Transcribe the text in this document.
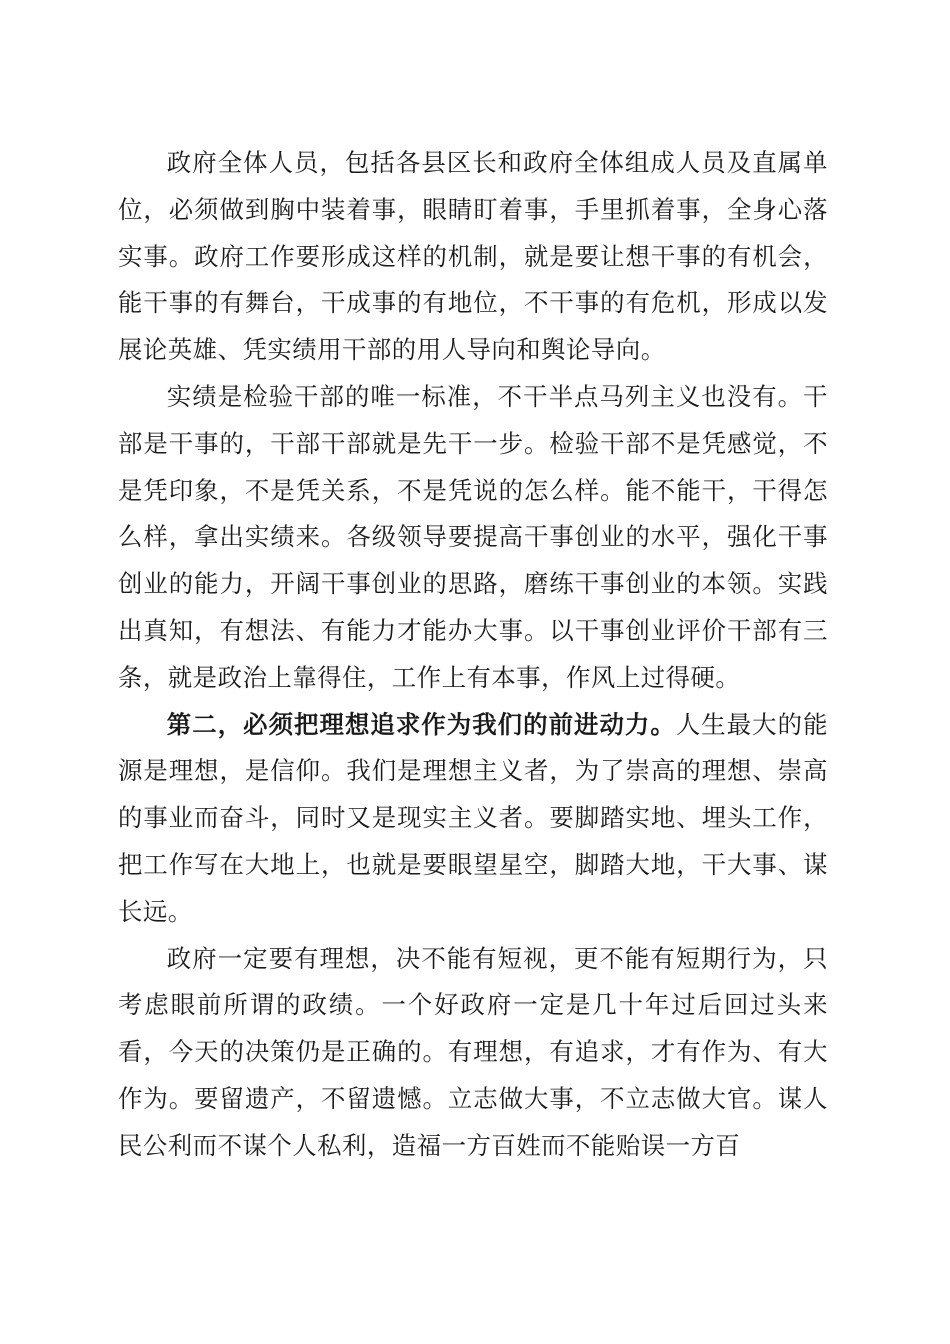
政府全体人员，包括各县区长和政府全体组成人员及直属单位，必须做到胸中装着事，眼睛盯着事，手里抓着事，全身心落实事。政府工作要形成这样的机制，就是要让想干事的有机会，能干事的有舞台，干成事的有地位，不干事的有危机，形成以发展论英雄、凭实绩用干部的用人导向和舆论导向。

实绩是检验干部的唯一标准，不干半点马列主义也没有。干部是干事的，干部干部就是先干一步。检验干部不是凭感觉，不是凭印象，不是凭关系，不是凭说的怎么样。能不能干，干得怎么样，拿出实绩来。各级领导要提高干事创业的水平，强化干事创业的能力，开阔干事创业的思路，磨练干事创业的本领。实践出真知，有想法、有能力才能办大事。以干事创业评价干部有三条，就是政治上靠得住，工作上有本事，作风上过得硬。

第二，必须把理想追求作为我们的前进动力。人生最大的能源是理想，是信仰。我们是理想主义者，为了崇高的理想、崇高的事业而奋斗，同时又是现实主义者。要脚踏实地、埋头工作，把工作写在大地上，也就是要眼望星空，脚踏大地，干大事、谋长远。

政府一定要有理想，决不能有短视，更不能有短期行为，只考虑眼前所谓的政绩。一个好政府一定是几十年过后回过头来看，今天的决策仍是正确的。有理想，有追求，才有作为、有大作为。要留遗产，不留遗憾。立志做大事，不立志做大官。谋人民公利而不谋个人私利，造福一方百姓而不能贻误一方百
